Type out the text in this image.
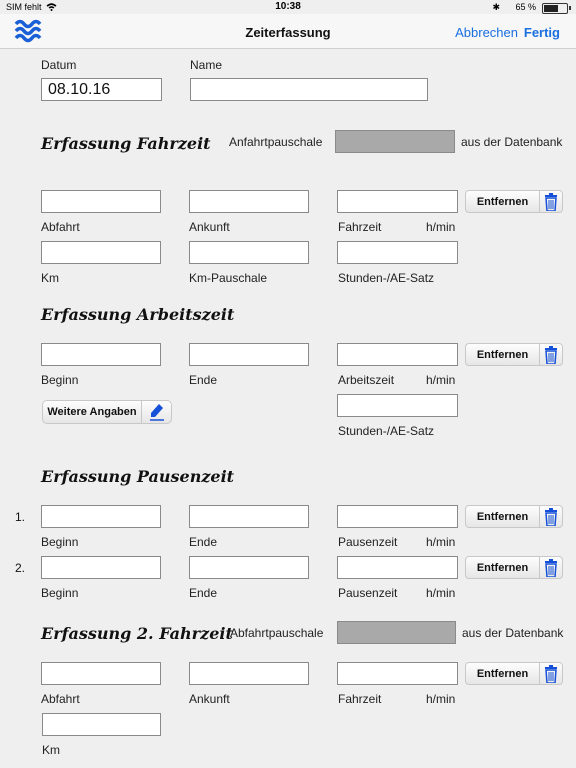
SIM fehlt	10:38	✱ 65 %
Zeiterfassung	Abbrechen Fertig
Datum
08.10.16
Name
Erfassung Fahrzeit Anfahrtpauschale	aus der Datenbank
Entfernen
Abfahrt	Ankunft	Fahrzeit	h/min
Km	Km-Pauschale	Stunden-/AE-Satz
Erfassung Arbeitszeit
Entfernen
Beginn	Ende	Arbeitszeit	h/min
Weitere Angaben
Stunden-/AE-Satz
Erfassung Pausenzeit
1.	Entfernen
Beginn	Ende	Pausenzeit h/min
2.	Entfernen
Beginn	Ende	Pausenzeit h/min
Erfassung 2. Fahrzeit
Abfahrtpauschale	aus der Datenbank
Entfernen
Abfahrt	Ankunft	Fahrzeit	h/min
Km
